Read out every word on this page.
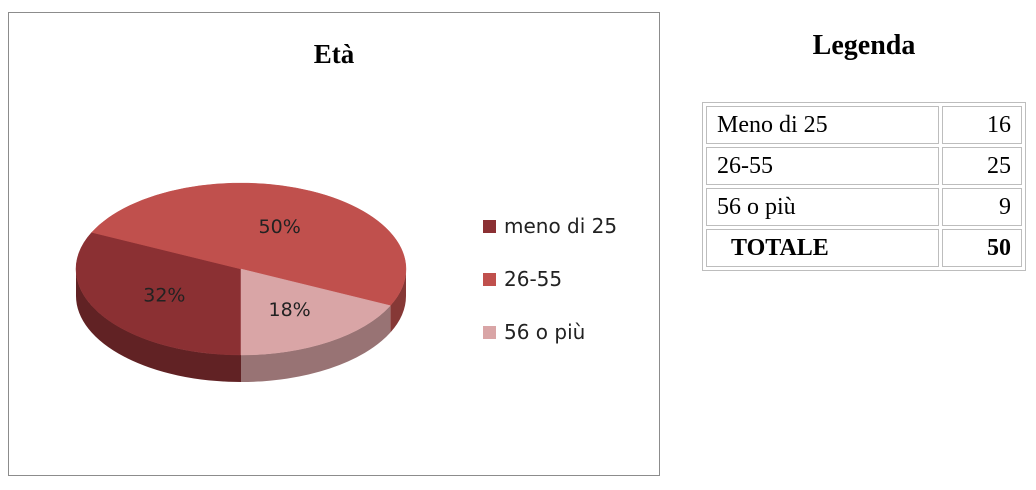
Età
32%
50%
18%
meno di 25
26-55
56 o più
Legenda
Meno di 25	16
26-55	25
56 o più	9
TOTALE	50
